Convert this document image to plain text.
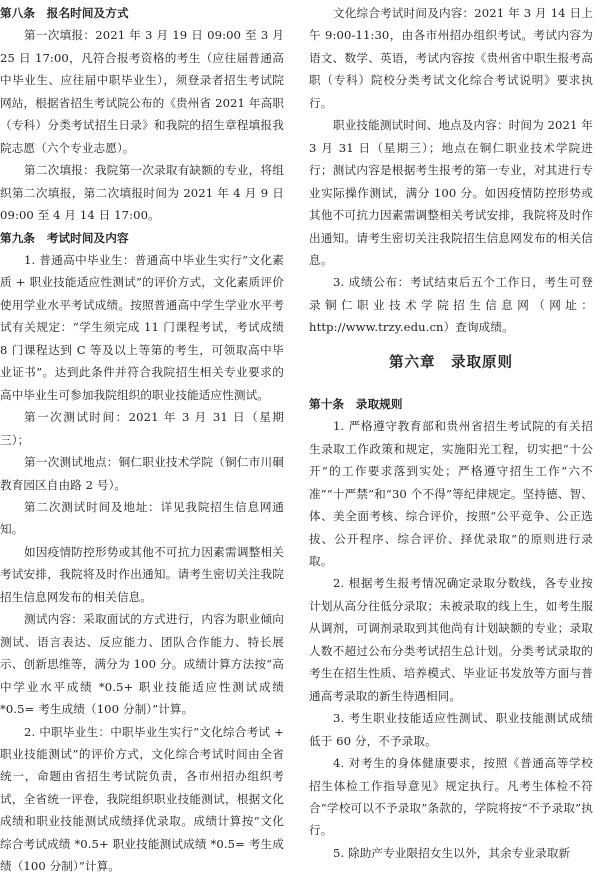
第八条　报名时间及方式

第一次填报：2021 年 3 月 19 日 09:00 至 3 月 25 日 17:00，凡符合报考资格的考生（应往届普通高中毕业生、应往届中职毕业生），须登录者招生考试院网站，根据省招生考试院公布的《贵州省 2021 年高职（专科）分类考试招生日录》和我院的招生章程填报我院志愿（六个专业志愿）。

第二次填报：我院第一次录取有缺额的专业，将组织第二次填报，第二次填报时间为 2021 年 4 月 9 日 09:00 至 4 月 14 日 17:00。

第九条　考试时间及内容

1. 普通高中毕业生：普通高中毕业生实行“文化素质 + 职业技能适应性测试”的评价方式，文化素质评价使用学业水平考试成绩。按照普通高中学生学业水平考试有关规定：“学生须完成 11 门课程考试，考试成绩 8 门课程达到 C 等及以上等第的考生，可领取高中毕业证书”。达到此条件并符合我院招生相关专业要求的高中毕业生可参加我院组织的职业技能适应性测试。

第一次测试时间：2021 年 3 月 31 日（星期三）；

第一次测试地点：铜仁职业技术学院（铜仁市川硐教育园区自由路 2 号）。

第二次测试时间及地址：详见我院招生信息网通知。

如因疫情防控形势或其他不可抗力因素需调整相关考试安排，我院将及时作出通知。请考生密切关注我院招生信息网发布的相关信息。

测试内容：采取面试的方式进行，内容为职业倾向测试、语言表达、反应能力、团队合作能力、特长展示、创新思维等，满分为 100 分。成绩计算方法按“高中学业水平成绩 *0.5+ 职业技能适应性测试成绩 *0.5= 考生成绩（100 分制）”计算。

2. 中职毕业生：中职毕业生实行“文化综合考试 + 职业技能测试”的评价方式，文化综合考试时间由全省统一，命题由省招生考试院负责，各市州招办组织考试，全省统一评卷，我院组织职业技能测试，根据文化成绩和职业技能测试成绩择优录取。成绩计算按“文化综合考试成绩 *0.5+ 职业技能测试成绩 *0.5= 考生成绩（100 分制）”计算。

文化综合考试时间及内容：2021 年 3 月 14 日上午 9:00-11:30，由各市州招办组织考试。考试内容为语文、数学、英语，考试内容按《贵州省中职生报考高职（专科）院校分类考试文化综合考试说明》要求执行。

职业技能测试时间、地点及内容：时间为 2021 年 3 月 31 日（星期三）；地点在铜仁职业技术学院进行；测试内容是根据考生报考的第一专业，对其进行专业实际操作测试，满分 100 分。如因疫情防控形势或其他不可抗力因素需调整相关考试安排，我院将及时作出通知。请考生密切关注我院招生信息网发布的相关信息。

3. 成绩公布：考试结束后五个工作日，考生可登录铜仁职业技术学院招生信息网（网址：http://www.trzy.edu.cn）查询成绩。

第六章　录取原则

第十条　录取规则

1. 严格遵守教育部和贵州省招生考试院的有关招生录取工作政策和规定，实施阳光工程，切实把“十公开”的工作要求落到实处；严格遵守招生工作“六不准”“十严禁”和“30 个不得”等纪律规定。坚持德、智、体、美全面考核、综合评价，按照“公平竞争、公正选拔、公开程序、综合评价、择优录取”的原则进行录取。

2. 根据考生报考情况确定录取分数线，各专业按计划从高分往低分录取；未被录取的线上生，如考生服从调剂，可调剂录取到其他尚有计划缺额的专业；录取人数不超过公布分类考试招生总计划。分类考试录取的考生在招生性质、培养模式、毕业证书发放等方面与普通高考录取的新生待遇相同。

3. 考生职业技能适应性测试、职业技能测试成绩低于 60 分，不予录取。

4. 对考生的身体健康要求，按照《普通高等学校招生体检工作指导意见》规定执行。凡考生体检不符合“学校可以不予录取”条款的，学院将按“不予录取”执行。

5. 除助产专业限招女生以外，其余专业录取新
